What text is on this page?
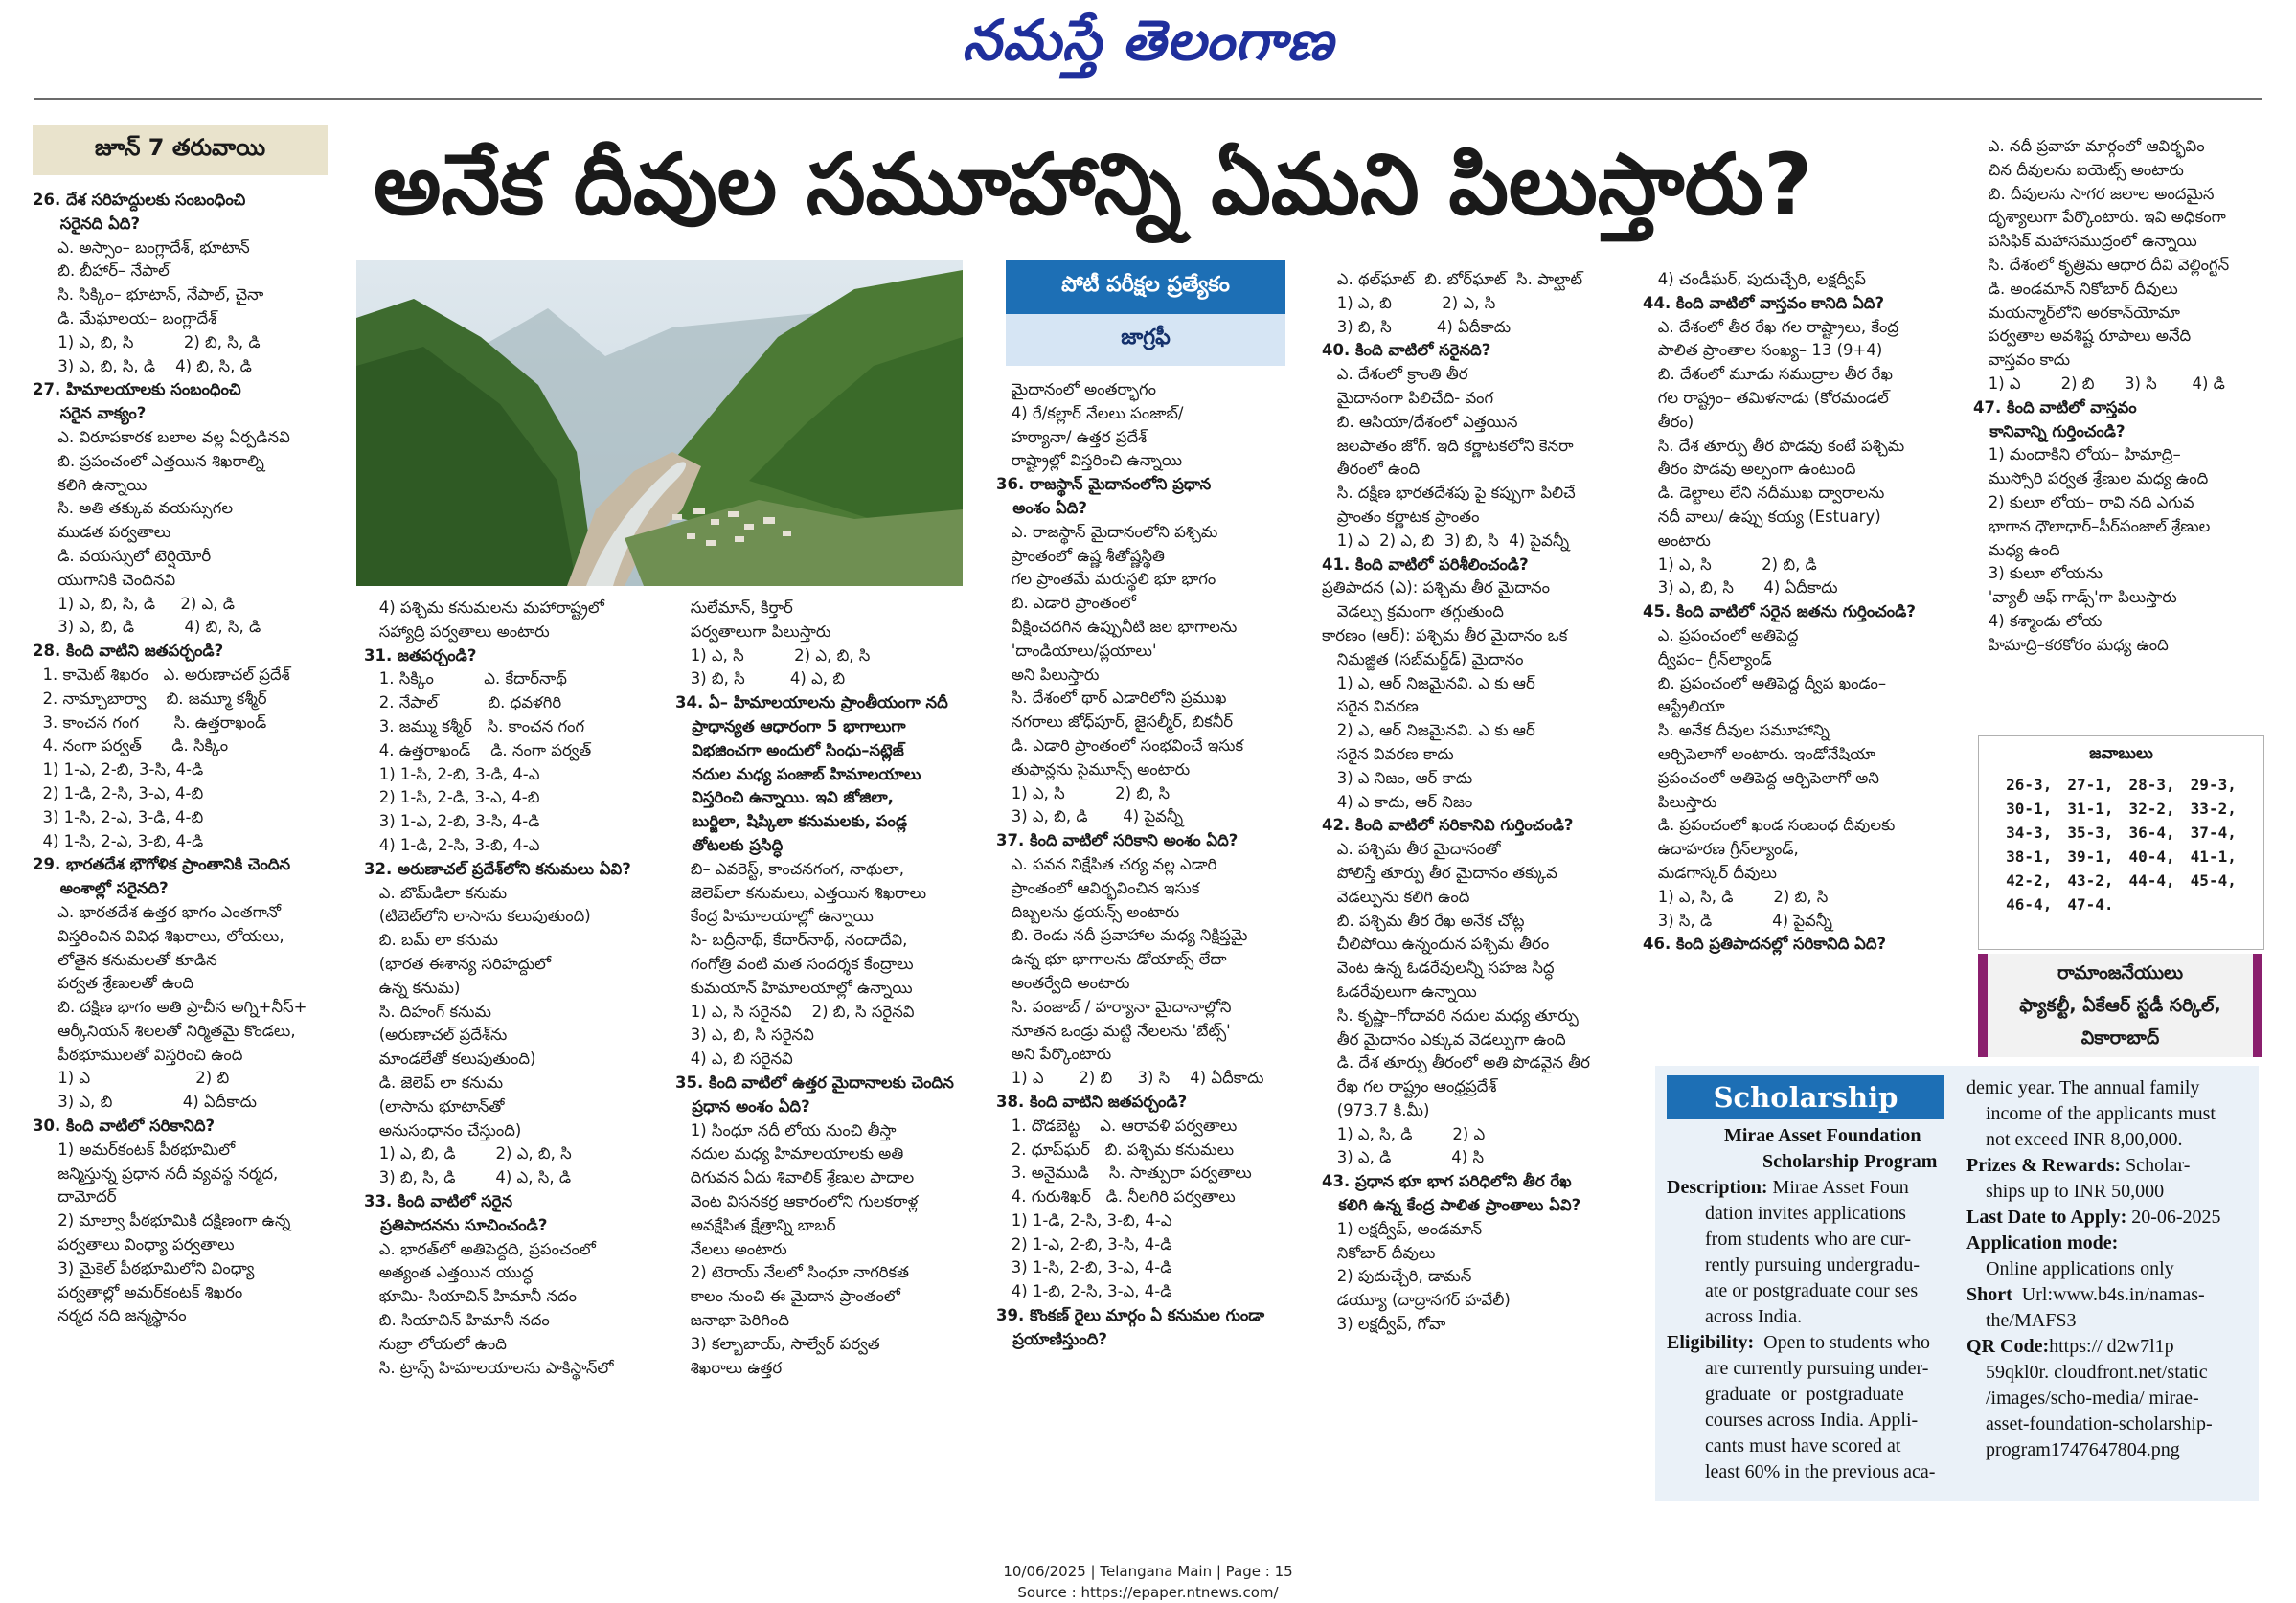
నమస్తే తెలంగాణ
జూన్ 7 తరువాయి	అనేక దీవుల సమూహాన్ని ఏమని పిలుస్తారు?
పోటీ పరీక్షల ప్రత్యేకం
జాగ్రఫీ
26. దేశ సరిహద్దులకు సంబంధించి
సరైనది ఏది?
ఎ. అస్సాం– బంగ్లాదేశ్, భూటాన్
బి. బీహార్– నేపాల్
సి. సిక్కిం– భూటాన్, నేపాల్, చైనా
డి. మేఘాలయ– బంగ్లాదేశ్
1) ఎ, బి, సి          2) బి, సి, డి
3) ఎ, బి, సి, డి    4) బి, సి, డి
27. హిమాలయాలకు సంబంధించి
సరైన వాక్యం?
ఎ. విరూపకారక బలాల వల్ల ఏర్పడినవి
బి. ప్రపంచంలో ఎత్తయిన శిఖరాల్ని
కలిగి ఉన్నాయి
సి. అతి తక్కువ వయస్సుగల
ముడత పర్వతాలు
డి. వయస్సులో టెర్షియోరీ
యుగానికి చెందినవి
1) ఎ, బి, సి, డి     2) ఎ, డి
3) ఎ, బి, డి          4) బి, సి, డి
28. కింది వాటిని జతపర్చండి?
1. కామెట్ శిఖరం   ఎ. అరుణాచల్ ప్రదేశ్
2. నామ్చాబార్వా    బి. జమ్మూ కశ్మీర్
3. కాంచన గంగ       సి. ఉత్తరాఖండ్
4. నంగా పర్వత్      డి. సిక్కిం
1) 1-ఎ, 2-బి, 3-సి, 4-డి
2) 1-డి, 2-సి, 3-ఎ, 4-బి
3) 1-సి, 2-ఎ, 3-డి, 4-బి
4) 1-సి, 2-ఎ, 3-బి, 4-డి
29. భారతదేశ భౌగోళిక ప్రాంతానికి చెందిన
అంశాల్లో సరైనది?
ఎ. భారతదేశ ఉత్తర భాగం ఎంతగానో
విస్తరించిన వివిధ శిఖరాలు, లోయలు,
లోతైన కనుమలతో కూడిన
పర్వత శ్రేణులతో ఉంది
బి. దక్షిణ భాగం అతి ప్రాచీన అగ్ని+నీస్+
ఆర్కీనియన్ శిలలతో నిర్మితమై కొండలు,
పీఠభూములతో విస్తరించి ఉంది
1) ఎ                     2) బి
3) ఎ, బి              4) ఏదీకాదు
30. కింది వాటిలో సరికానిది?
1) అమర్‌కంటక్ పీఠభూమిలో
జన్మిస్తున్న ప్రధాన నదీ వ్యవస్థ నర్మద,
దామోదర్
2) మాల్వా పీఠభూమికి దక్షిణంగా ఉన్న
పర్వతాలు వింధ్యా పర్వతాలు
3) మైకెల్ పీఠభూమిలోని వింధ్యా
పర్వతాల్లో అమర్‌కంటక్ శిఖరం
నర్మద నది జన్మస్థానం
4) పశ్చిమ కనుమలను మహారాష్ట్రలో
సహ్యాద్రి పర్వతాలు అంటారు
31. జతపర్చండి?
1. సిక్కిం          ఎ. కేదార్‌నాథ్
2. నేపాల్          బి. ధవళగిరి
3. జమ్ము కశ్మీర్   సి. కాంచన గంగ
4. ఉత్తరాఖండ్    డి. నంగా పర్వత్
1) 1-సి, 2-బి, 3-డి, 4-ఎ
2) 1-సి, 2-డి, 3-ఎ, 4-బి
3) 1-ఎ, 2-బి, 3-సి, 4-డి
4) 1-డి, 2-సి, 3-బి, 4-ఎ
32. అరుణాచల్ ప్రదేశ్‌లోని కనుమలు ఏవి?
ఎ. బొమ్‌డిలా కనుమ
(టిబెట్‌లోని లాసాను కలుపుతుంది)
బి. బమ్ లా కనుమ
(భారత ఈశాన్య సరిహద్దులో
ఉన్న కనుమ)
సి. దిహంగ్ కనుమ
(అరుణాచల్ ప్రదేశ్‌ను
మాండలేతో కలుపుతుంది)
డి. జెలెప్ లా కనుమ
(లాసాను భూటాన్‌తో
అనుసంధానం చేస్తుంది)
1) ఎ, బి, డి        2) ఎ, బి, సి
3) బి, సి, డి        4) ఎ, సి, డి
33. కింది వాటిలో సరైన
ప్రతిపాదనను సూచించండి?
ఎ. భారత్‌లో అతిపెద్దది, ప్రపంచంలో
అత్యంత ఎత్తయిన యుద్ధ
భూమి- సియాచిన్ హిమానీ నదం
బి. సియాచిన్ హిమానీ నదం
నుబ్రా లోయలో ఉంది
సి. ట్రాన్స్ హిమాలయాలను పాకిస్థాన్‌లో
సులేమాన్, కిర్తార్
పర్వతాలుగా పిలుస్తారు
1) ఎ, సి          2) ఎ, బి, సి
3) బి, సి         4) ఎ, బి
34. ఏ– హిమాలయాలను ప్రాంతీయంగా నదీ
ప్రాధాన్యత ఆధారంగా 5 భాగాలుగా
విభజించగా అందులో సింధు–సట్లెజ్
నదుల మధ్య పంజాబ్ హిమాలయాలు
విస్తరించి ఉన్నాయి. ఇవి జోజిలా,
బుర్జిలా, షిప్కిలా కనుమలకు, పండ్ల
తోటలకు ప్రసిద్ధి
బి– ఎవరెస్ట్, కాంచనగంగ, నాథులా,
జెలెప్‌లా కనుమలు, ఎత్తయిన శిఖరాలు
కేంద్ర హిమాలయాల్లో ఉన్నాయి
సి- బద్రీనాథ్, కేదార్‌నాథ్, నందాదేవి,
గంగోత్రి వంటి మత సందర్శక కేంద్రాలు
కుమయాన్ హిమాలయాల్లో ఉన్నాయి
1) ఎ, సి సరైనవి    2) బి, సి సరైనవి
3) ఎ, బి, సి సరైనవి
4) ఎ, బి సరైనవి
35. కింది వాటిలో ఉత్తర మైదానాలకు చెందిన
ప్రధాన అంశం ఏది?
1) సింధూ నదీ లోయ నుంచి తీస్తా
నదుల మధ్య హిమాలయాలకు అతి
దిగువన ఏదు శివాలిక్ శ్రేణుల పాదాల
వెంట విసనకర్ర ఆకారంలోని గులకరాళ్ల
అవక్షేపిత క్షేత్రాన్ని బాబర్
నేలలు అంటారు
2) టెరాయ్ నేలలో సింధూ నాగరికత
కాలం నుంచి ఈ మైదాన ప్రాంతంలో
జనాభా పెరిగింది
3) కల్బాబాయ్, సాల్వేర్ పర్వత
శిఖరాలు ఉత్తర
మైదానంలో అంతర్భాగం
4) రే/కల్లార్ నేలలు పంజాబ్/
హర్యానా/ ఉత్తర ప్రదేశ్
రాష్ట్రాల్లో విస్తరించి ఉన్నాయి
36. రాజస్థాన్ మైదానంలోని ప్రధాన
అంశం ఏది?
ఎ. రాజస్థాన్ మైదానంలోని పశ్చిమ
ప్రాంతంలో ఉష్ణ శీతోష్ణస్థితి
గల ప్రాంతమే మరుస్థలి భూ భాగం
బి. ఎడారి ప్రాంతంలో
వీక్షించదగిన ఉప్పునీటి జల భాగాలను
'దాండియాలు/ప్లయాలు'
అని పిలుస్తారు
సి. దేశంలో థార్ ఎడారిలోని ప్రముఖ
నగరాలు జోధ్‌పూర్, జైసల్మీర్, బికనీర్
డి. ఎడారి ప్రాంతంలో సంభవించే ఇసుక
తుఫాన్లను సైమూన్స్ అంటారు
1) ఎ, సి          2) బి, సి
3) ఎ, బి, డి       4) పైవన్నీ
37. కింది వాటిలో సరికాని అంశం ఏది?
ఎ. పవన నిక్షేపిత చర్య వల్ల ఎడారి
ప్రాంతంలో ఆవిర్భవించిన ఇసుక
దిబ్బలను ఢ్రయన్స్ అంటారు
బి. రెండు నదీ ప్రవాహాల మధ్య నిక్షిప్తమై
ఉన్న భూ భాగాలను డోయాబ్స్ లేదా
అంతర్వేది అంటారు
సి. పంజాబ్ / హర్యానా మైదానాల్లోని
నూతన ఒండ్రు మట్టి నేలలను 'బేట్స్'
అని పేర్కొంటారు
1) ఎ       2) బి     3) సి    4) ఏదీకాదు
38. కింది వాటిని జతపర్చండి?
1. దొడబెట్ట    ఎ. ఆరావళి పర్వతాలు
2. ధూప్‌ఘర్   బి. పశ్చిమ కనుమలు
3. అనైముడి    సి. సాత్పురా పర్వతాలు
4. గురుశిఖర్   డి. నీలగిరి పర్వతాలు
1) 1-డి, 2-సి, 3-బి, 4-ఎ
2) 1-ఎ, 2-బి, 3-సి, 4-డి
3) 1-సి, 2-బి, 3-ఎ, 4-డి
4) 1-బి, 2-సి, 3-ఎ, 4-డి
39. కొంకణ్ రైలు మార్గం ఏ కనుమల గుండా
ప్రయాణిస్తుంది?
ఎ. థల్‌ఘాట్  బి. బోర్‌ఘాట్  సి. పాల్ఘాట్
1) ఎ, బి          2) ఎ, సి
3) బి, సి         4) ఏదీకాదు
40. కింది వాటిలో సరైనది?
ఎ. దేశంలో క్రాంతి తీర
మైదానంగా పిలిచేది- వంగ
బి. ఆసియా/దేశంలో ఎత్తయిన
జలపాతం జోగ్. ఇది కర్ణాటకలోని కెనరా
తీరంలో ఉంది
సి. దక్షిణ భారతదేశపు పై కప్పుగా పిలిచే
ప్రాంతం కర్ణాటక ప్రాంతం
1) ఎ  2) ఎ, బి  3) బి, సి  4) పైవన్నీ
41. కింది వాటిలో పరిశీలించండి?
ప్రతిపాదన (ఎ): పశ్చిమ తీర మైదానం
వెడల్పు క్రమంగా తగ్గుతుంది
కారణం (ఆర్): పశ్చిమ తీర మైదానం ఒక
నిమజ్జిత (సబ్‌మర్జ్‌డ్) మైదానం
1) ఎ, ఆర్ నిజమైనవి. ఎ కు ఆర్
సరైన వివరణ
2) ఎ, ఆర్ నిజమైనవి. ఎ కు ఆర్
సరైన వివరణ కాదు
3) ఎ నిజం, ఆర్ కాదు
4) ఎ కాదు, ఆర్ నిజం
42. కింది వాటిలో సరికానివి గుర్తించండి?
ఎ. పశ్చిమ తీర మైదానంతో
పోలిస్తే తూర్పు తీర మైదానం తక్కువ
వెడల్పును కలిగి ఉంది
బి. పశ్చిమ తీర రేఖ అనేక చోట్ల
చీలిపోయి ఉన్నందున పశ్చిమ తీరం
వెంట ఉన్న ఓడరేవులన్నీ సహజ సిద్ధ
ఓడరేవులుగా ఉన్నాయి
సి. కృష్ణా–గోదావరి నదుల మధ్య తూర్పు
తీర మైదానం ఎక్కువ వెడల్పుగా ఉంది
డి. దేశ తూర్పు తీరంలో అతి పొడవైన తీర
రేఖ గల రాష్ట్రం ఆంధ్రప్రదేశ్
(973.7 కి.మీ)
1) ఎ, సి, డి        2) ఎ
3) ఎ, డి            4) సి
43. ప్రధాన భూ భాగ పరిధిలోని తీర రేఖ
కలిగి ఉన్న కేంద్ర పాలిత ప్రాంతాలు ఏవి?
1) లక్షద్వీప్, అండమాన్
నికోబార్ దీవులు
2) పుదుచ్చేరి, డామన్
డయ్యూ (దాద్రానగర్ హవేలీ)
3) లక్షద్వీప్, గోవా
4) చండీఘర్, పుదుచ్చేరి, లక్షద్వీప్
44. కింది వాటిలో వాస్తవం కానిది ఏది?
ఎ. దేశంలో తీర రేఖ గల రాష్ట్రాలు, కేంద్ర
పాలిత ప్రాంతాల సంఖ్య– 13 (9+4)
బి. దేశంలో మూడు సముద్రాల తీర రేఖ
గల రాష్ట్రం– తమిళనాడు (కోరమండల్
తీరం)
సి. దేశ తూర్పు తీర పొడవు కంటే పశ్చిమ
తీరం పొడవు అల్పంగా ఉంటుంది
డి. డెల్టాలు లేని నదీముఖ ద్వారాలను
నదీ వాలు/ ఉప్పు కయ్య (Estuary)
అంటారు
1) ఎ, సి          2) బి, డి
3) ఎ, బి, సి      4) ఏదీకాదు
45. కింది వాటిలో సరైన జతను గుర్తించండి?
ఎ. ప్రపంచంలో అతిపెద్ద
ద్వీపం– గ్రీన్‌ల్యాండ్
బి. ప్రపంచంలో అతిపెద్ద ద్వీప ఖండం–
ఆస్ట్రేలియా
సి. అనేక దీవుల సమూహాన్ని
ఆర్చిపెలాగో అంటారు. ఇండోనేషియా
ప్రపంచంలో అతిపెద్ద ఆర్చిపెలాగో అని
పిలుస్తారు
డి. ప్రపంచంలో ఖండ సంబంధ దీవులకు
ఉదాహరణ గ్రీన్‌ల్యాండ్,
మడగాస్కర్ దీవులు
1) ఎ, సి, డి        2) బి, సి
3) సి, డి            4) పైవన్నీ
46. కింది ప్రతిపాదనల్లో సరికానిది ఏది?
ఎ. నదీ ప్రవాహ మార్గంలో ఆవిర్భవిం
చిన దీవులను ఐయెట్స్ అంటారు
బి. దీవులను సాగర జలాల అందమైన
దృశ్యాలుగా పేర్కొంటారు. ఇవి అధికంగా
పసిఫిక్ మహాసముద్రంలో ఉన్నాయి
సి. దేశంలో కృత్రిమ ఆధార దీవి వెల్లింగ్టన్
డి. అండమాన్ నికోబార్ దీవులు
మయన్మార్‌లోని అరకాన్‌యోమా
పర్వతాల అవశిష్ట రూపాలు అనేది
వాస్తవం కాదు
1) ఎ        2) బి      3) సి       4) డి
47. కింది వాటిలో వాస్తవం
కానివాన్ని గుర్తించండి?
1) మందాకిని లోయ– హిమాద్రి–
ముస్సోరి పర్వత శ్రేణుల మధ్య ఉంది
2) కులూ లోయ– రావి నది ఎగువ
భాగాన ధౌలాధార్–పీర్‌పంజాల్ శ్రేణుల
మధ్య ఉంది
3) కులూ లోయను
'వ్యాలీ ఆఫ్ గాడ్స్'గా పిలుస్తారు
4) కశ్మాండు లోయ
హిమాద్రి–కరకోరం మధ్య ఉంది
జవాబులు
26-3,	27-1,	28-3,	29-3,
30-1,	31-1,	32-2,	33-2,
34-3,	35-3,	36-4,	37-4,
38-1,	39-1,	40-4,	41-1,
42-2,	43-2,	44-4,	45-4,
46-4,	47-4.		
రామాంజనేయులు
ఫ్యాకల్టీ, ఏకేఆర్ స్టడీ సర్కిల్,
వికారాబాద్
Scholarship
Mirae Asset Foundation
Scholarship Program
Description: Mirae Asset Foun
dation invites applications
from students who are cur-
rently pursuing undergradu-
ate or postgraduate cour ses
across India.
Eligibility:  Open to students who
are currently pursuing under-
graduate  or  postgraduate
courses across India. Appli-
cants must have scored at
least 60% in the previous aca-
demic year. The annual family
income of the applicants must
not exceed INR 8,00,000.
Prizes & Rewards: Scholar-
ships up to INR 50,000
Last Date to Apply: 20-06-2025
Application mode:
Online applications only
Short  Url:www.b4s.in/namas-
the/MAFS3
QR Code:https:// d2w7l1p
59qkl0r. cloudfront.net/static
/images/scho-media/ mirae-
asset-foundation-scholarship-
program1747647804.png
10/06/2025 | Telangana Main | Page : 15
Source : https://epaper.ntnews.com/
